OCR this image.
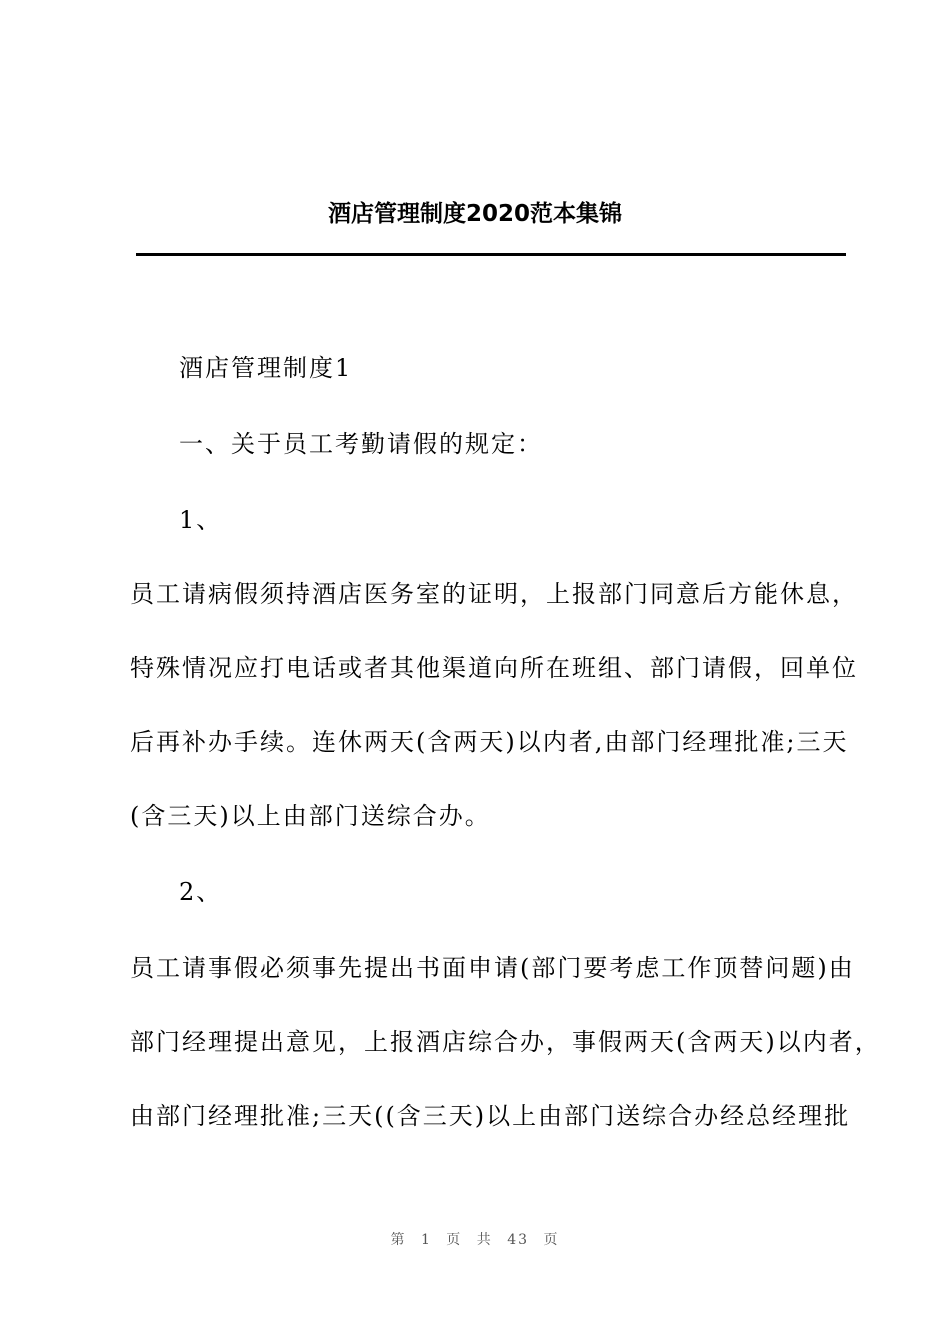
酒店管理制度2020范本集锦
酒店管理制度1
一、关于员工考勤请假的规定：
1、
员工请病假须持酒店医务室的证明，上报部门同意后方能休息，
特殊情况应打电话或者其他渠道向所在班组、部门请假，回单位
后再补办手续。连休两天(含两天)以内者,由部门经理批准;三天
(含三天)以上由部门送综合办。
2、
员工请事假必须事先提出书面申请(部门要考虑工作顶替问题)由
部门经理提出意见，上报酒店综合办，事假两天(含两天)以内者，
由部门经理批准;三天((含三天)以上由部门送综合办经总经理批
第 1 页 共 43 页
